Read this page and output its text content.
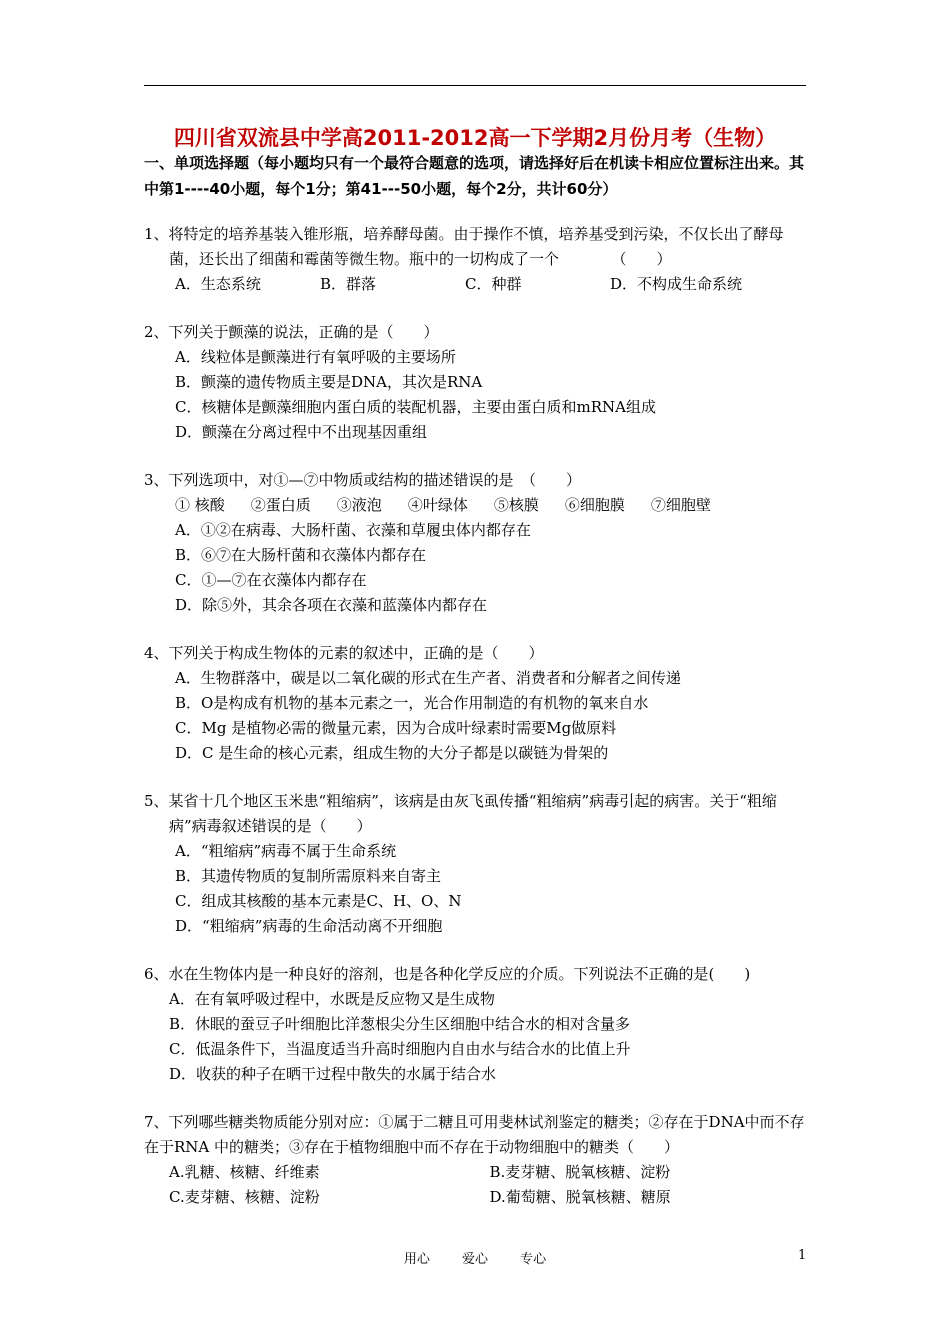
四川省双流县中学高2011-2012高一下学期2月份月考（生物）
一、单项选择题（每小题均只有一个最符合题意的选项，请选择好后在机读卡相应位置标注出来。其中第1----40小题，每个1分；第41---50小题，每个2分，共计60分）
1、将特定的培养基装入锥形瓶，培养酵母菌。由于操作不慎，培养基受到污染，不仅长出了酵母菌，还长出了细菌和霉菌等微生物。瓶中的一切构成了一个　　　　（　　）
A．生态系统	B．群落	C．种群	D．不构成生命系统
2、下列关于颤藻的说法，正确的是（　　）
A．线粒体是颤藻进行有氧呼吸的主要场所
B．颤藻的遗传物质主要是DNA，其次是RNA
C．核糖体是颤藻细胞内蛋白质的装配机器，主要由蛋白质和mRNA组成
D．颤藻在分离过程中不出现基因重组
3、下列选项中，对①—⑦中物质或结构的描述错误的是　（　　）
① 核酸 ②蛋白质 ③液泡 ④叶绿体 ⑤核膜 ⑥细胞膜 ⑦细胞壁
A．①②在病毒、大肠杆菌、衣藻和草履虫体内都存在
B．⑥⑦在大肠杆菌和衣藻体内都存在
C．①—⑦在衣藻体内都存在
D．除⑤外，其余各项在衣藻和蓝藻体内都存在
4、下列关于构成生物体的元素的叙述中，正确的是（　　）
A．生物群落中，碳是以二氧化碳的形式在生产者、消费者和分解者之间传递
B．O是构成有机物的基本元素之一，光合作用制造的有机物的氧来自水
C．Mg 是植物必需的微量元素，因为合成叶绿素时需要Mg做原料
D．C 是生命的核心元素，组成生物的大分子都是以碳链为骨架的
5、某省十几个地区玉米患“粗缩病”，该病是由灰飞虱传播“粗缩病”病毒引起的病害。关于“粗缩病”病毒叙述错误的是（　　）
A．“粗缩病”病毒不属于生命系统
B．其遗传物质的复制所需原料来自寄主
C．组成其核酸的基本元素是C、H、O、N
D．“粗缩病”病毒的生命活动离不开细胞
6、水在生物体内是一种良好的溶剂，也是各种化学反应的介质。下列说法不正确的是(　　)
A．在有氧呼吸过程中，水既是反应物又是生成物
B．休眠的蚕豆子叶细胞比洋葱根尖分生区细胞中结合水的相对含量多
C．低温条件下，当温度适当升高时细胞内自由水与结合水的比值上升
D．收获的种子在晒干过程中散失的水属于结合水
7、下列哪些糖类物质能分别对应：①属于二糖且可用斐林试剂鉴定的糖类；②存在于DNA中而不存在于RNA 中的糖类；③存在于植物细胞中而不存在于动物细胞中的糖类（　　）
A.乳糖、核糖、纤维素	B.麦芽糖、脱氧核糖、淀粉
C.麦芽糖、核糖、淀粉	D.葡萄糖、脱氧核糖、糖原
用心 爱心 专心	1
